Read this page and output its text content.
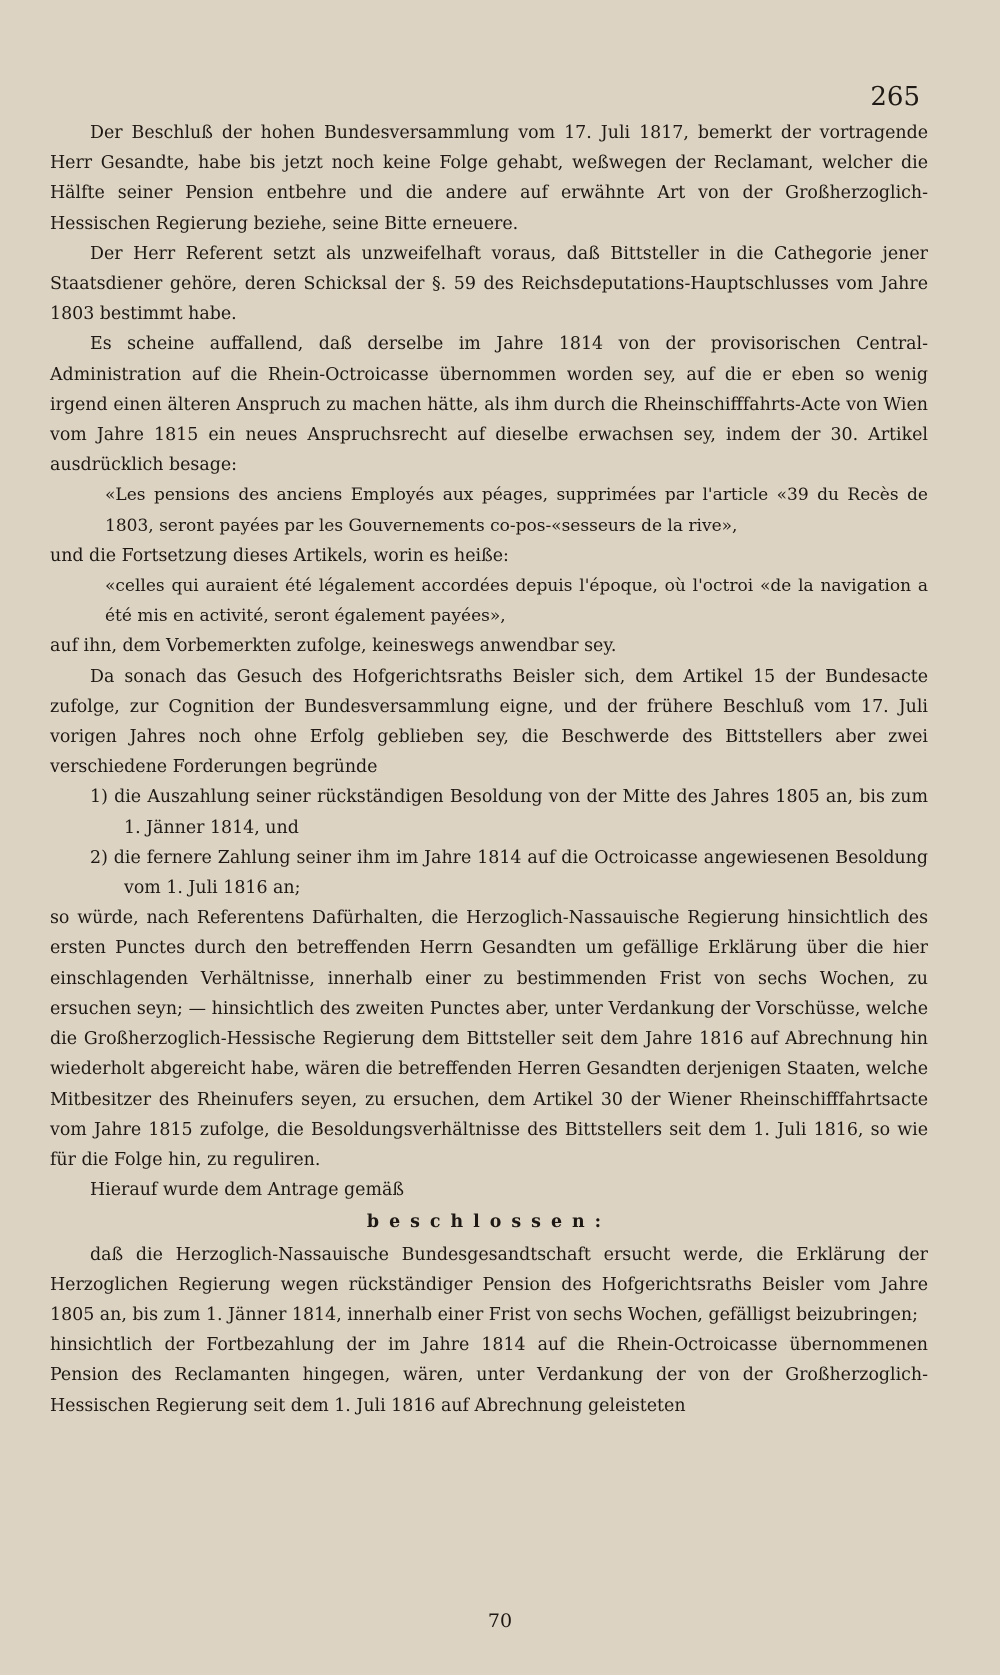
265

Der Beschluß der hohen Bundesversammlung vom 17. Juli 1817, bemerkt der vortragende Herr Gesandte, habe bis jetzt noch keine Folge gehabt, weßwegen der Reclamant, welcher die Hälfte seiner Pension entbehre und die andere auf erwähnte Art von der Großherzoglich-Hessischen Regierung beziehe, seine Bitte erneuere.

Der Herr Referent setzt als unzweifelhaft voraus, daß Bittsteller in die Cathegorie jener Staatsdiener gehöre, deren Schicksal der §. 59 des Reichsdeputations-Hauptschlusses vom Jahre 1803 bestimmt habe.

Es scheine auffallend, daß derselbe im Jahre 1814 von der provisorischen Central-Administration auf die Rhein-Octroicasse übernommen worden sey, auf die er eben so wenig irgend einen älteren Anspruch zu machen hätte, als ihm durch die Rheinschifffahrts-Acte von Wien vom Jahre 1815 ein neues Anspruchsrecht auf dieselbe erwachsen sey, indem der 30. Artikel ausdrücklich besage:

«Les pensions des anciens Employés aux péages, supprimées par l'article «39 du Recès de 1803, seront payées par les Gouvernements co-pos-«sesseurs de la rive»,

und die Fortsetzung dieses Artikels, worin es heiße:

«celles qui auraient été légalement accordées depuis l'époque, où l'octroi «de la navigation a été mis en activité, seront également payées»,

auf ihn, dem Vorbemerkten zufolge, keineswegs anwendbar sey.

Da sonach das Gesuch des Hofgerichtsraths Beisler sich, dem Artikel 15 der Bundesacte zufolge, zur Cognition der Bundesversammlung eigne, und der frühere Beschluß vom 17. Juli vorigen Jahres noch ohne Erfolg geblieben sey, die Beschwerde des Bittstellers aber zwei verschiedene Forderungen begründe

1) die Auszahlung seiner rückständigen Besoldung von der Mitte des Jahres 1805 an, bis zum 1. Jänner 1814, und

2) die fernere Zahlung seiner ihm im Jahre 1814 auf die Octroicasse angewiesenen Besoldung vom 1. Juli 1816 an;

so würde, nach Referentens Dafürhalten, die Herzoglich-Nassauische Regierung hinsichtlich des ersten Punctes durch den betreffenden Herrn Gesandten um gefällige Erklärung über die hier einschlagenden Verhältnisse, innerhalb einer zu bestimmenden Frist von sechs Wochen, zu ersuchen seyn; — hinsichtlich des zweiten Punctes aber, unter Verdankung der Vorschüsse, welche die Großherzoglich-Hessische Regierung dem Bittsteller seit dem Jahre 1816 auf Abrechnung hin wiederholt abgereicht habe, wären die betreffenden Herren Gesandten derjenigen Staaten, welche Mitbesitzer des Rheinufers seyen, zu ersuchen, dem Artikel 30 der Wiener Rheinschifffahrtsacte vom Jahre 1815 zufolge, die Besoldungsverhältnisse des Bittstellers seit dem 1. Juli 1816, so wie für die Folge hin, zu reguliren.

Hierauf wurde dem Antrage gemäß

beschlossen:

daß die Herzoglich-Nassauische Bundesgesandtschaft ersucht werde, die Erklärung der Herzoglichen Regierung wegen rückständiger Pension des Hofgerichtsraths Beisler vom Jahre 1805 an, bis zum 1. Jänner 1814, innerhalb einer Frist von sechs Wochen, gefälligst beizubringen;

hinsichtlich der Fortbezahlung der im Jahre 1814 auf die Rhein-Octroicasse übernommenen Pension des Reclamanten hingegen, wären, unter Verdankung der von der Großherzoglich-Hessischen Regierung seit dem 1. Juli 1816 auf Abrechnung geleisteten

70
